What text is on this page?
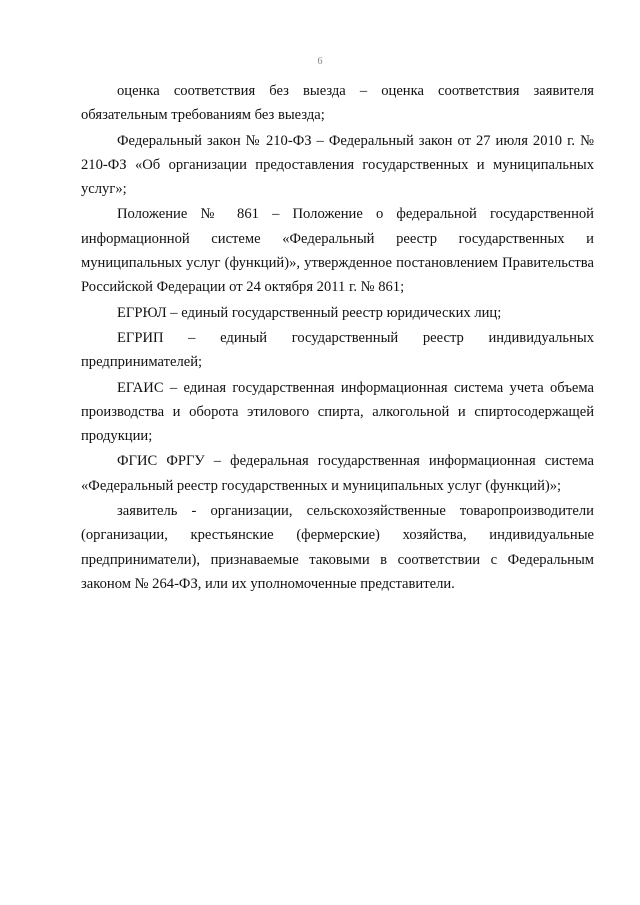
6

оценка соответствия без выезда – оценка соответствия заявителя обязательным требованиям без выезда;

Федеральный закон № 210-ФЗ – Федеральный закон от 27 июля 2010 г. № 210-ФЗ «Об организации предоставления государственных и муниципальных услуг»;

Положение № 861 – Положение о федеральной государственной информационной системе «Федеральный реестр государственных и муниципальных услуг (функций)», утвержденное постановлением Правительства Российской Федерации от 24 октября 2011 г. № 861;

ЕГРЮЛ – единый государственный реестр юридических лиц;

ЕГРИП – единый государственный реестр индивидуальных предпринимателей;

ЕГАИС – единая государственная информационная система учета объема производства и оборота этилового спирта, алкогольной и спиртосодержащей продукции;

ФГИС ФРГУ – федеральная государственная информационная система «Федеральный реестр государственных и муниципальных услуг (функций)»;

заявитель - организации, сельскохозяйственные товаропроизводители (организации, крестьянские (фермерские) хозяйства, индивидуальные предприниматели), признаваемые таковыми в соответствии с Федеральным законом № 264-ФЗ, или их уполномоченные представители.
